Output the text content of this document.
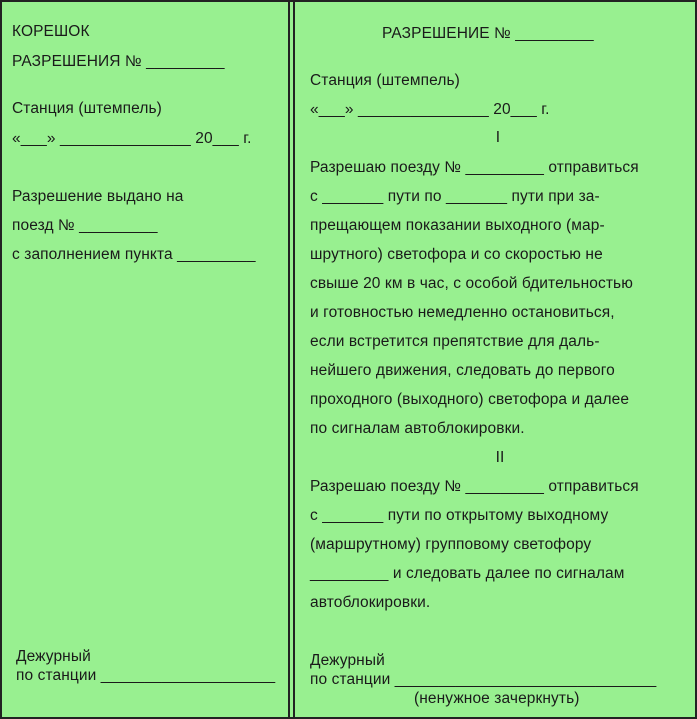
КОРЕШОК
РАЗРЕШЕНИЯ № _________
Станция (штемпель)
«___» _______________ 20___ г.
Разрешение выдано на
поезд № _________
с заполнением пункта _________
Дежурный
по станции ____________________
РАЗРЕШЕНИЕ № _________
Станция (штемпель)
«___» _______________ 20___ г.
I
Разрешаю поезду № _________ отправиться
с _______ пути по _______ пути при за-
прещающем показании выходного (мар-
шрутного) светофора и со скоростью не
свыше 20 км в час, с особой бдительностью
и готовностью немедленно остановиться,
если встретится препятствие для даль-
нейшего движения, следовать до первого
проходного (выходного) светофора и далее
по сигналам автоблокировки.
II
Разрешаю поезду № _________ отправиться
с _______ пути по открытому выходному
(маршрутному) групповому светофору
_________ и следовать далее по сигналам
автоблокировки.
Дежурный
по станции ______________________________
(ненужное зачеркнуть)
